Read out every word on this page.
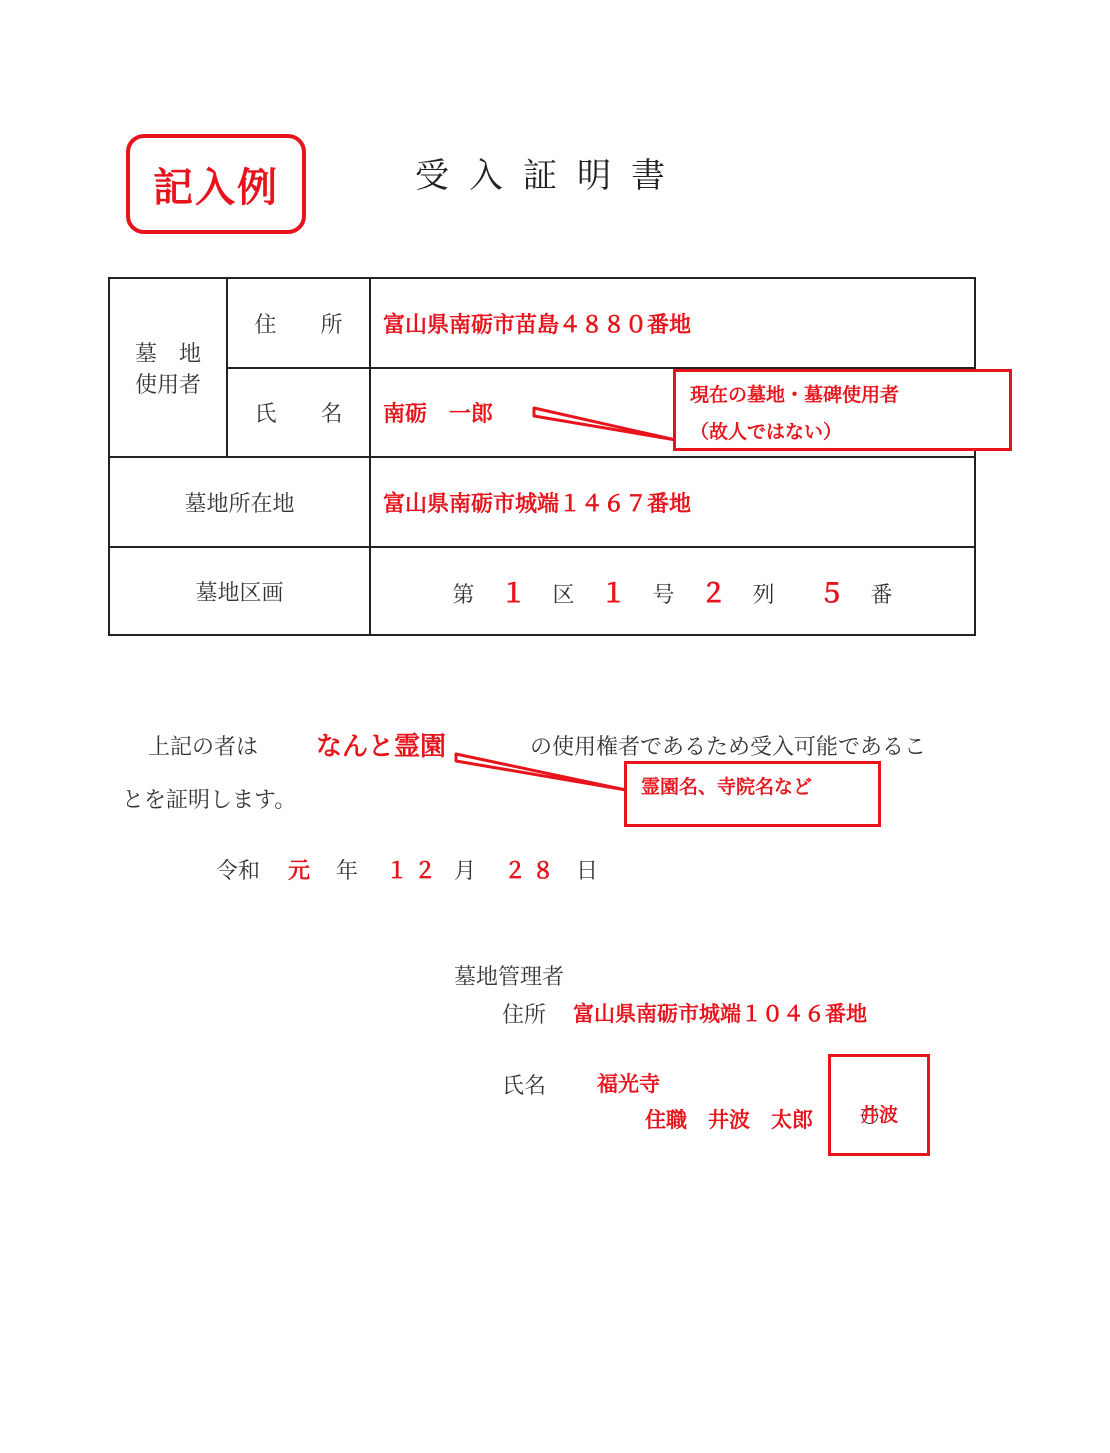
記入例	受入証明書
墓　地
使用者	住　　所	富山県南砺市苗島４８８０番地
	氏　　名	南砺　一郎
墓地所在地		富山県南砺市城端１４６７番地
墓地区画		第 １ 区 １ 号 ２ 列 ５ 番
現在の墓地・墓碑使用者
（故人ではない）
霊園名、寺院名など
上記の者は なんと霊園	の使用権者であるため受入可能であるこ
とを証明します。
令和 元 年 １２ 月 ２８ 日
墓地管理者
住所 富山県南砺市城端１０４６番地
氏名 福光寺
住職　井波　太郎 井波
